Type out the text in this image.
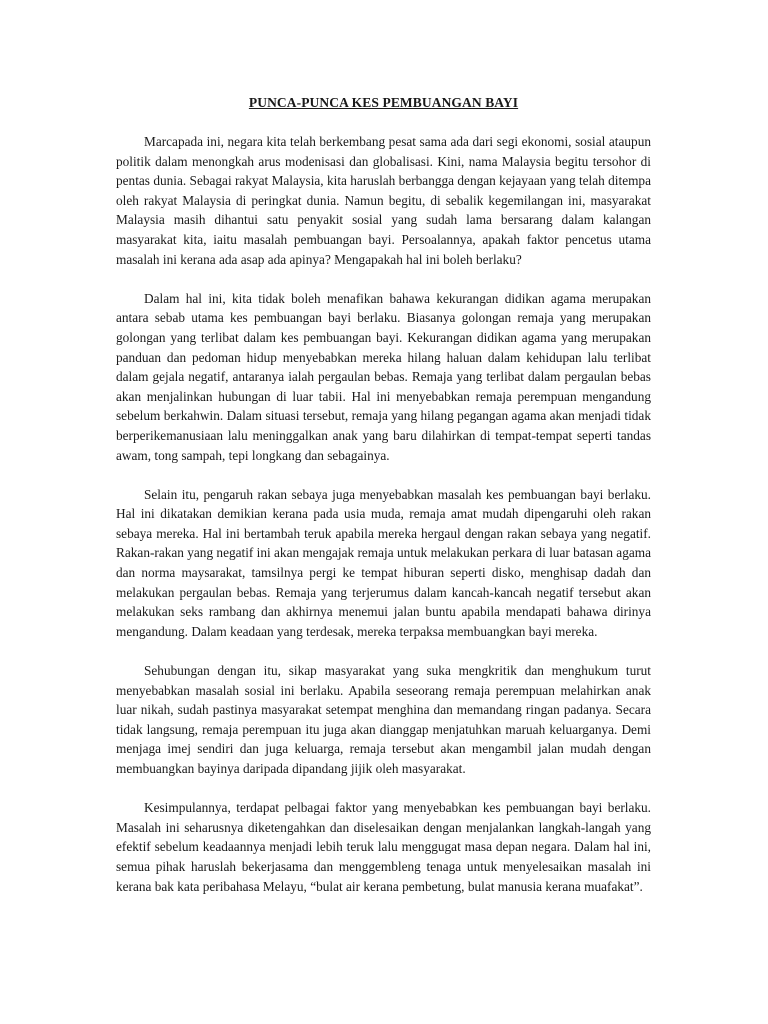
PUNCA-PUNCA KES PEMBUANGAN BAYI

Marcapada ini, negara kita telah berkembang pesat sama ada dari segi ekonomi, sosial ataupun politik dalam menongkah arus modenisasi dan globalisasi. Kini, nama Malaysia begitu tersohor di pentas dunia. Sebagai rakyat Malaysia, kita haruslah berbangga dengan kejayaan yang telah ditempa oleh rakyat Malaysia di peringkat dunia. Namun begitu, di sebalik kegemilangan ini, masyarakat Malaysia masih dihantui satu penyakit sosial yang sudah lama bersarang dalam kalangan masyarakat kita, iaitu masalah pembuangan bayi. Persoalannya, apakah faktor pencetus utama masalah ini kerana ada asap ada apinya? Mengapakah hal ini boleh berlaku?

Dalam hal ini, kita tidak boleh menafikan bahawa kekurangan didikan agama merupakan antara sebab utama kes pembuangan bayi berlaku. Biasanya golongan remaja yang merupakan golongan yang terlibat dalam kes pembuangan bayi. Kekurangan didikan agama yang merupakan panduan dan pedoman hidup menyebabkan mereka hilang haluan dalam kehidupan lalu terlibat dalam gejala negatif, antaranya ialah pergaulan bebas. Remaja yang terlibat dalam pergaulan bebas akan menjalinkan hubungan di luar tabii. Hal ini menyebabkan remaja perempuan mengandung sebelum berkahwin. Dalam situasi tersebut, remaja yang hilang pegangan agama akan menjadi tidak berperikemanusiaan lalu meninggalkan anak yang baru dilahirkan di tempat-tempat seperti tandas awam, tong sampah, tepi longkang dan sebagainya.

Selain itu, pengaruh rakan sebaya juga menyebabkan masalah kes pembuangan bayi berlaku. Hal ini dikatakan demikian kerana pada usia muda, remaja amat mudah dipengaruhi oleh rakan sebaya mereka. Hal ini bertambah teruk apabila mereka hergaul dengan rakan sebaya yang negatif. Rakan-rakan yang negatif ini akan mengajak remaja untuk melakukan perkara di luar batasan agama dan norma maysarakat, tamsilnya pergi ke tempat hiburan seperti disko, menghisap dadah dan melakukan pergaulan bebas. Remaja yang terjerumus dalam kancah-kancah negatif tersebut akan melakukan seks rambang dan akhirnya menemui jalan buntu apabila mendapati bahawa dirinya mengandung. Dalam keadaan yang terdesak, mereka terpaksa membuangkan bayi mereka.

Sehubungan dengan itu, sikap masyarakat yang suka mengkritik dan menghukum turut menyebabkan masalah sosial ini berlaku. Apabila seseorang remaja perempuan melahirkan anak luar nikah, sudah pastinya masyarakat setempat menghina dan memandang ringan padanya. Secara tidak langsung, remaja perempuan itu juga akan dianggap menjatuhkan maruah keluarganya. Demi menjaga imej sendiri dan juga keluarga, remaja tersebut akan mengambil jalan mudah dengan membuangkan bayinya daripada dipandang jijik oleh masyarakat.

Kesimpulannya, terdapat pelbagai faktor yang menyebabkan kes pembuangan bayi berlaku. Masalah ini seharusnya diketengahkan dan diselesaikan dengan menjalankan langkah-langah yang efektif sebelum keadaannya menjadi lebih teruk lalu menggugat masa depan negara. Dalam hal ini, semua pihak haruslah bekerjasama dan menggembleng tenaga untuk menyelesaikan masalah ini kerana bak kata peribahasa Melayu, “bulat air kerana pembetung, bulat manusia kerana muafakat”.
